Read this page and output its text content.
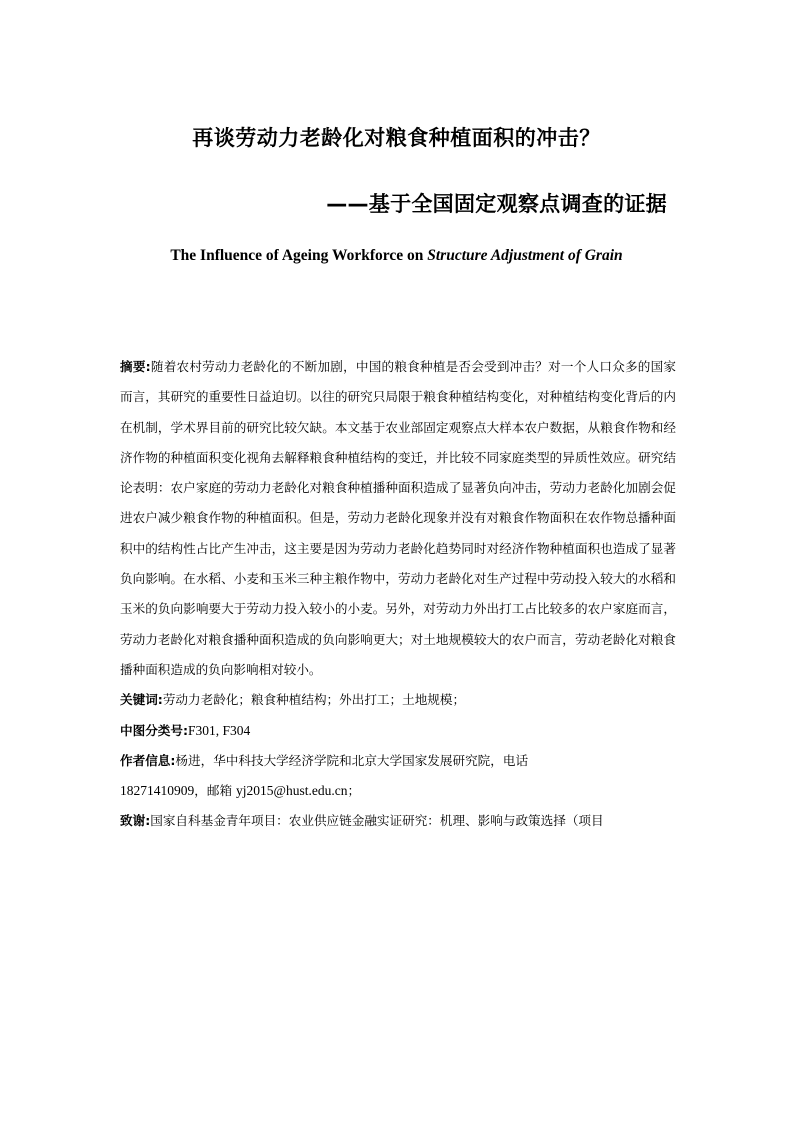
再谈劳动力老龄化对粮食种植面积的冲击？
——基于全国固定观察点调查的证据
The Influence of Ageing Workforce on Structure Adjustment of Grain

摘要:随着农村劳动力老龄化的不断加剧，中国的粮食种植是否会受到冲击？对一个人口众多的国家而言，其研究的重要性日益迫切。以往的研究只局限于粮食种植结构变化，对种植结构变化背后的内在机制，学术界目前的研究比较欠缺。本文基于农业部固定观察点大样本农户数据，从粮食作物和经济作物的种植面积变化视角去解释粮食种植结构的变迁，并比较不同家庭类型的异质性效应。研究结论表明：农户家庭的劳动力老龄化对粮食种植播种面积造成了显著负向冲击，劳动力老龄化加剧会促进农户减少粮食作物的种植面积。但是，劳动力老龄化现象并没有对粮食作物面积在农作物总播种面积中的结构性占比产生冲击，这主要是因为劳动力老龄化趋势同时对经济作物种植面积也造成了显著负向影响。在水稻、小麦和玉米三种主粮作物中，劳动力老龄化对生产过程中劳动投入较大的水稻和玉米的负向影响要大于劳动力投入较小的小麦。另外，对劳动力外出打工占比较多的农户家庭而言，劳动力老龄化对粮食播种面积造成的负向影响更大；对土地规模较大的农户而言，劳动老龄化对粮食播种面积造成的负向影响相对较小。

关键词:劳动力老龄化；粮食种植结构；外出打工；土地规模；

中图分类号:F301, F304

作者信息:杨进，华中科技大学经济学院和北京大学国家发展研究院，电话
18271410909，邮箱 yj2015@hust.edu.cn；

致谢:国家自科基金青年项目：农业供应链金融实证研究：机理、影响与政策选择（项目
